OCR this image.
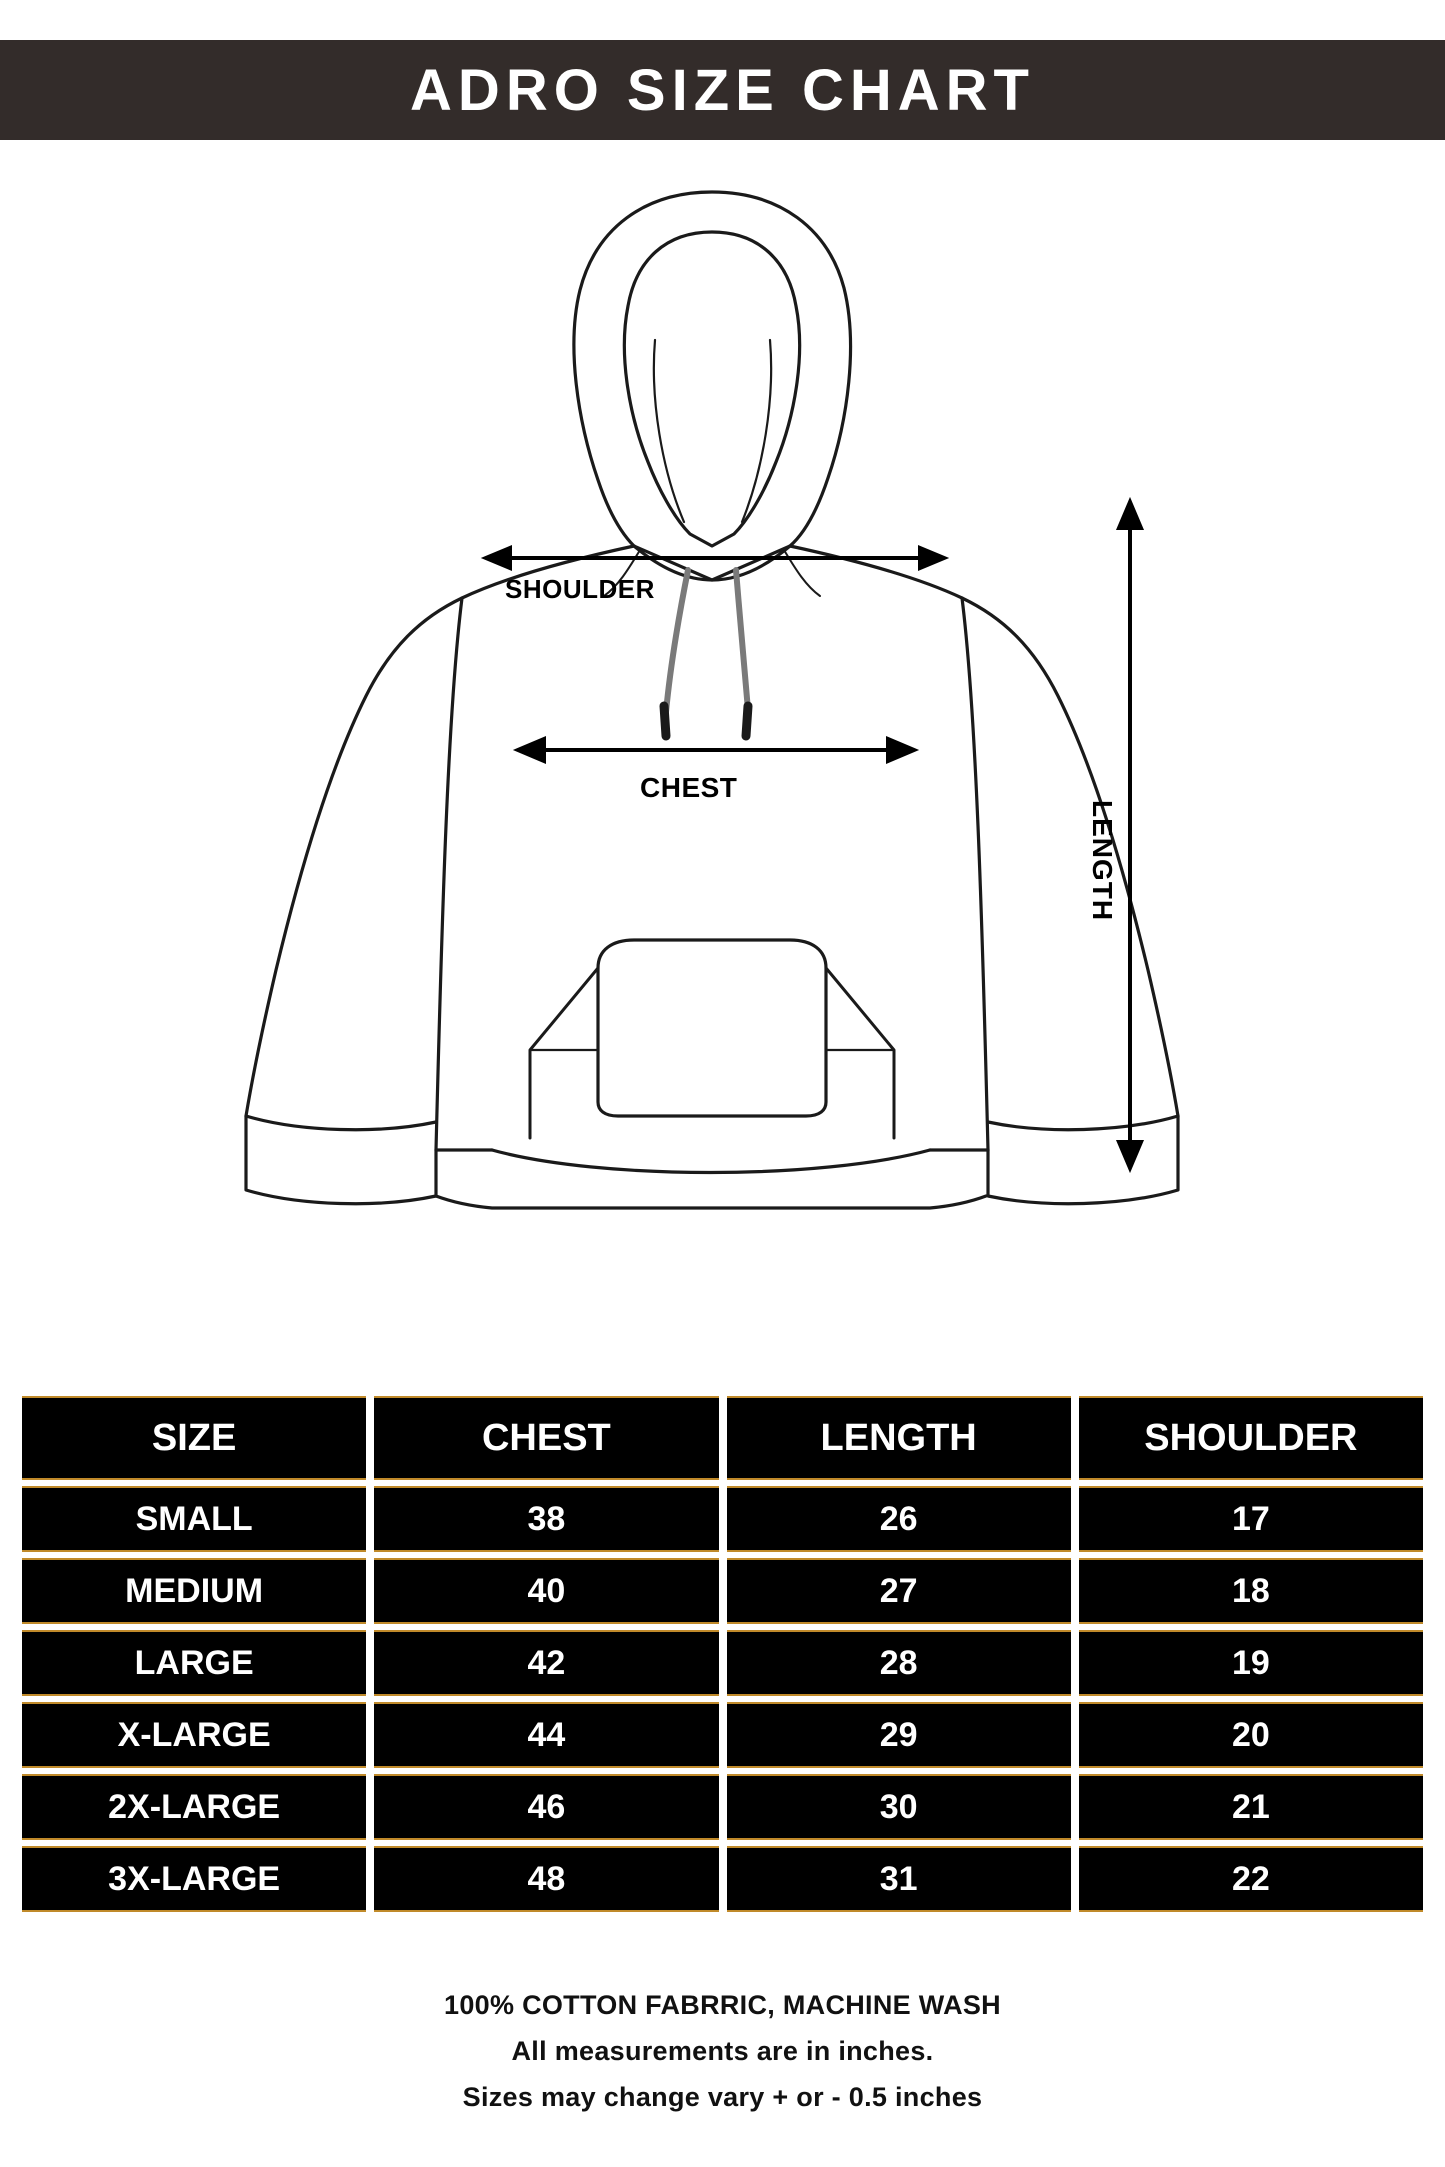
ADRO SIZE CHART
SHOULDER
CHEST
LENGTH
SIZE	CHEST	LENGTH	SHOULDER
SMALL	38	26	17
MEDIUM	40	27	18
LARGE	42	28	19
X-LARGE	44	29	20
2X-LARGE	46	30	21
3X-LARGE	48	31	22
100% COTTON FABRRIC, MACHINE WASH
All measurements are in inches.
Sizes may change vary + or - 0.5 inches
